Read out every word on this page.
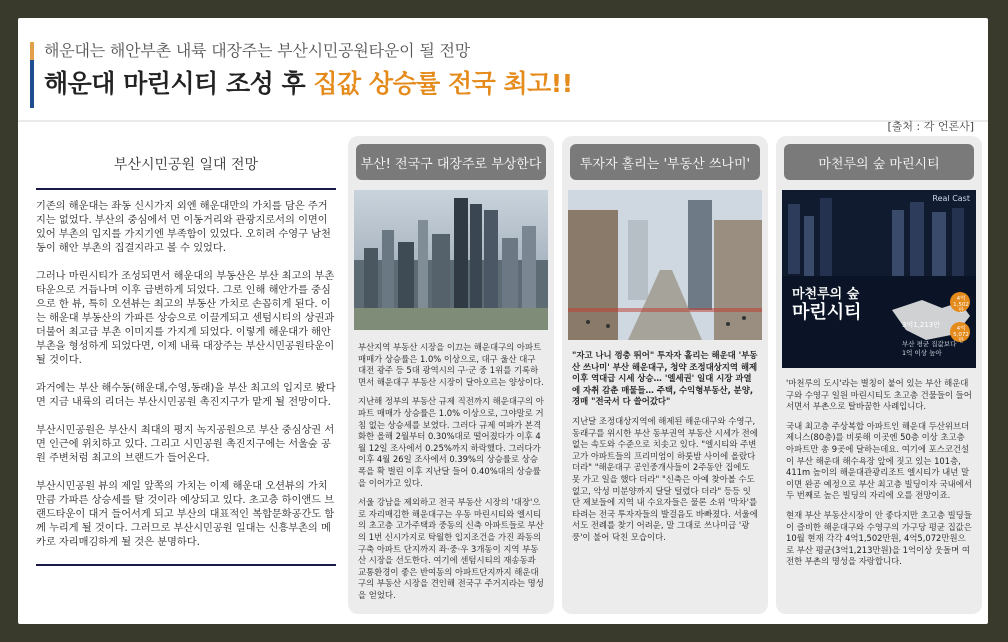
해운대는 해안부촌 내륙 대장주는 부산시민공원타운이 될 전망
해운대 마린시티 조성 후 집값 상승률 전국 최고!!
[출처 : 각 언론사]
부산시민공원 일대 전망

기존의 해운대는 좌동 신시가지 외엔 해운대만의 가치를 담은 주거지는 없었다. 부산의 중심에서 먼 이동거리와 관광지로서의 이면이 있어 부촌의 입지를 가지기엔 부족함이 있었다. 오히려 수영구 남천동이 해안 부촌의 집결지라고 볼 수 있었다.

그러나 마린시티가 조성되면서 해운대의 부동산은 부산 최고의 부촌타운으로 거듭나며 이후 급변하게 되었다. 그로 인해 해안가를 중심으로 한 뷰, 특히 오션뷰는 최고의 부동산 가치로 손꼽히게 된다. 이는 해운대 부동산의 가파른 상승으로 이끌게되고 센텀시티의 상권과 더불어 최고급 부촌 이미지를 가지게 되었다. 이렇게 해운대가 해안부촌을 형성하게 되었다면, 이제 내륙 대장주는 부산시민공원타운이 될 것이다.

과거에는 부산 해수동(해운대,수영,동래)을 부산 최고의 입지로 봤다면 지금 내륙의 리더는 부산시민공원 촉진지구가 맡게 될 전망이다.

부산시민공원은 부산시 최대의 평지 녹지공원으로 부산 중심상권 서면 인근에 위치하고 있다. 그리고 시민공원 촉진지구에는 서울숲 공원 주변처럼 최고의 브랜드가 들어온다.

부산시민공원 뷰의 제일 앞쪽의 가치는 이제 해운대 오션뷰의 가치만큼 가파른 상승세를 탈 것이라 예상되고 있다. 초고층 하이앤드 브랜드타운이 대거 들어서게 되고 부산의 대표적인 복합문화공간도 함께 누리게 될 것이다. 그러므로 부산시민공원 일대는 신흥부촌의 메카로 자리매김하게 될 것은 분명하다.

부산! 전국구 대장주로 부상한다

부산지역 부동산 시장을 이끄는 해운대구의 아파트 매매가 상승률은 1.0% 이상으로, 대구 울산 대구 대전 광주 등 5대 광역시의 구·군 중 1위를 기록하면서 해운대구 부동산 시장이 달아오르는 양상이다.

지난해 정부의 부동산 규제 직전까지 해운대구의 아파트 매매가 상승률은 1.0% 이상으로, 그야말로 거침 없는 상승세를 보였다. 그러다 규제 여파가 본격화한 올해 2월부터 0.30%대로 떨어졌다가 이후 4월 12일 조사에서 0.25%까지 하락했다. 그러다가 이후 4월 26일 조사에서 0.39%의 상승률로 상승폭을 확 벌린 이후 지난달 들어 0.40%대의 상승률을 이어가고 있다.

서울 강남을 제외하고 전국 부동산 시장의 '대장'으로 자리매김한 해운대구는 우동 마린시티와 엘시티의 초고층 고가주택과 중동의 신축 아파트들로 부산의 1번 신시가지로 탁월한 입지조건을 가진 좌동의 구축 아파트 단지까지 좌·중·우 3개동이 지역 부동산 시장을 선도한다. 여기에 센텀시티의 재송동과 교통환경이 좋은 반여동의 아파트단지까지 해운대구의 부동산 시장을 견인해 전국구 주거지라는 명성을 얻었다.

투자자 홀리는 '부동산 쓰나미'

"자고 나니 껑충 뛰어" 투자자 홀리는 해운대 '부동산 쓰나미' 부산 해운대구, 청약 조정대상지역 해제 이후 역대급 시세 상승… '엘세권' 일대 시장 과열에 자취 감춘 매물들… 주택, 수익형부동산, 분양, 경매 "전국서 다 쓸어갔다"

지난달 조정대상지역에 해제된 해운대구와 수영구, 동래구를 위시한 부산 동부권역 부동산 시세가 전에 없는 속도와 수준으로 치솟고 있다. "엘시티와 주변 고가 아파트들의 프리미엄이 하룻밤 사이에 올랐다 더라" "해운대구 공인중개사들이 2주동안 집에도 못 가고 일을 했다 더라" "신축은 아예 찾아볼 수도 없고, 악성 미분양까지 달달 털렸다 더라" 등등 잇단 제보들에 지역 내 수요자들은 물론 소위 '막차'를 타려는 전국 투자자들의 발걸음도 바빠졌다. 서울에서도 전례를 찾기 어려운, 말 그대로 쓰나미급 '광풍'이 불어 닥친 모습이다.

마천루의 숲 마린시티
Real Cast
마천루의 숲
마린시티
3억1,213만
4억
1,502만
4억
5,072만
부산 평균 집값보다
1억 이상 높아

'마천루의 도시'라는 별칭이 붙어 있는 부산 해운대구와 수영구 일원 마린시티도 초고층 건물들이 들어서면서 부촌으로 탈바꿈한 사례입니다.

국내 최고층 주상복합 아파트인 해운대 두산위브더제니스(80층)를 비롯해 이곳엔 50층 이상 초고층 아파트만 총 9곳에 달하는데요. 여기에 포스코건설이 부산 해운대 해수욕장 앞에 짓고 있는 101층, 411m 높이의 해운대관광리조트 엘시티가 내년 말이면 완공 예정으로 부산 최고층 빌딩이자 국내에서 두 번째로 높은 빌딩의 자리에 오를 전망이죠.

현재 부산 부동산시장이 안 좋다지만 초고층 빌딩들이 즐비한 해운대구와 수영구의 가구당 평균 집값은 10월 현재 각각 4억1,502만원, 4억5,072만원으로 부산 평균(3억1,213만원)을 1억이상 웃돌며 여전한 부촌의 명성을 자랑합니다.
